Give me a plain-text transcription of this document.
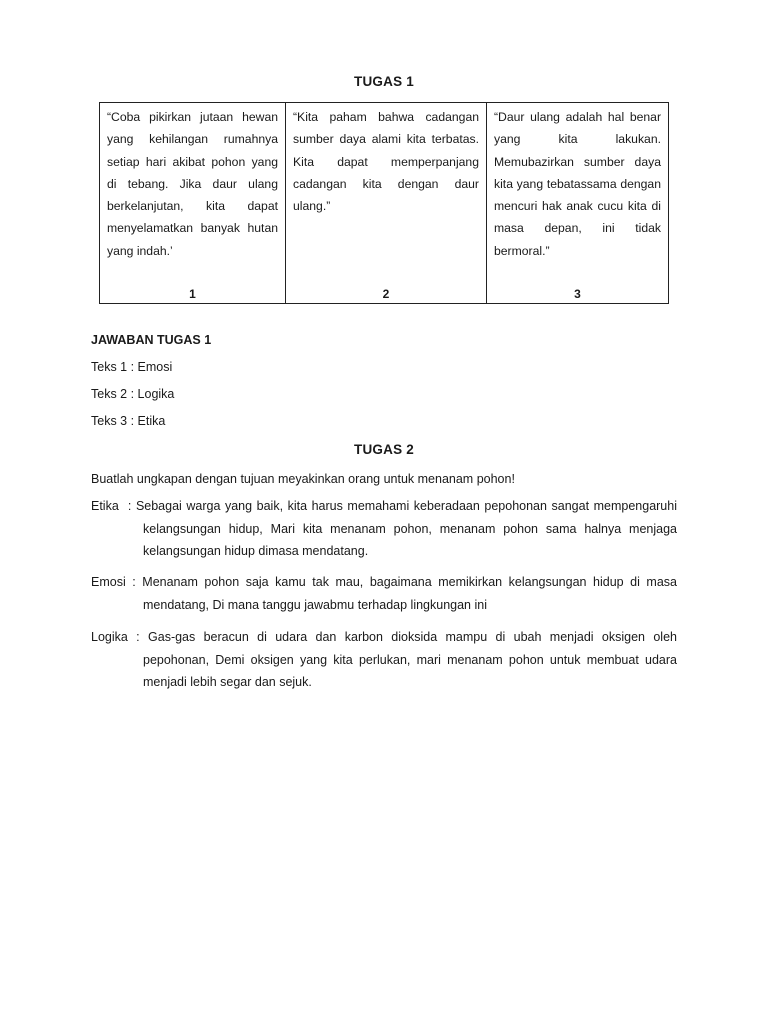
TUGAS 1
“Coba pikirkan jutaan hewan yang kehilangan rumahnya setiap hari akibat pohon yang di tebang. Jika daur ulang berkelanjutan, kita dapat menyelamatkan banyak hutan yang indah.’
1
“Kita paham bahwa cadangan sumber daya alami kita terbatas. Kita dapat memperpanjang cadangan kita dengan daur ulang.”
2
“Daur ulang adalah hal benar yang kita lakukan. Memubazirkan sumber daya kita yang tebatassama dengan mencuri hak anak cucu kita di masa depan, ini tidak bermoral.”
3
JAWABAN TUGAS 1
Teks 1 : Emosi
Teks 2 : Logika
Teks 3 : Etika
TUGAS 2
Buatlah ungkapan dengan tujuan meyakinkan orang untuk menanam pohon!
Etika  : Sebagai warga yang baik, kita harus memahami keberadaan pepohonan sangat mempengaruhi kelangsungan hidup, Mari kita menanam pohon, menanam pohon sama halnya menjaga kelangsungan hidup dimasa mendatang.
Emosi : Menanam pohon saja kamu tak mau, bagaimana memikirkan kelangsungan hidup di masa mendatang, Di mana tanggu jawabmu terhadap lingkungan ini
Logika : Gas-gas beracun di udara dan karbon dioksida mampu di ubah menjadi oksigen oleh pepohonan, Demi oksigen yang kita perlukan, mari menanam pohon untuk membuat udara menjadi lebih segar dan sejuk.
